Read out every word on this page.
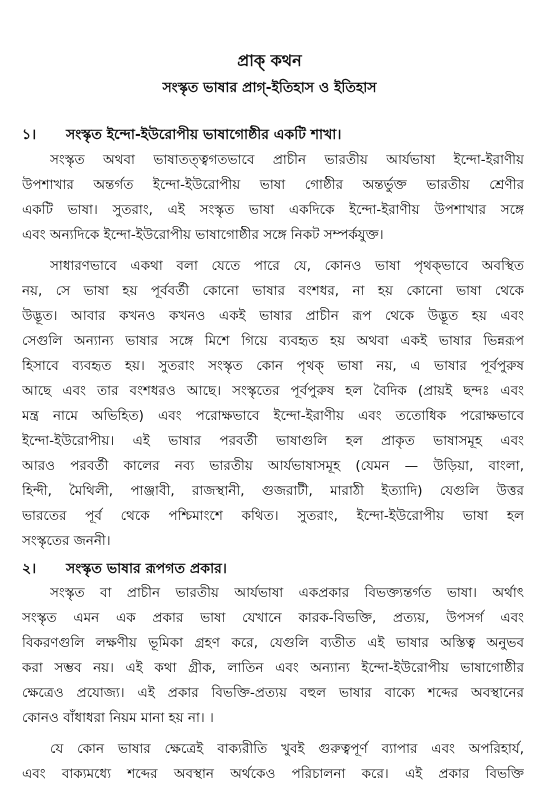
প্রাক্ কথন
সংস্কৃত ভাষার প্রাগ্‌-ইতিহাস ও ইতিহাস
১। সংস্কৃত ইন্দো-ইউরোপীয় ভাষাগোষ্ঠীর একটি শাখা।

সংস্কৃত অথবা ভাষাতত্ত্বগতভাবে প্রাচীন ভারতীয় আর্যভাষা ইন্দো-ইরাণীয়

উপশাখার অন্তর্গত ইন্দো-ইউরোপীয় ভাষা গোষ্ঠীর অন্তর্ভুক্ত ভারতীয় শ্রেণীর

একটি ভাষা। সুতরাং, এই সংস্কৃত ভাষা একদিকে ইন্দো-ইরাণীয় উপশাখার সঙ্গে

এবং অন্যদিকে ইন্দো-ইউরোপীয় ভাষাগোষ্ঠীর সঙ্গে নিকট সম্পর্কযুক্ত।

সাধারণভাবে একথা বলা যেতে পারে যে, কোনও ভাষা পৃথক্‌ভাবে অবস্থিত

নয়, সে ভাষা হয় পূর্ববর্তী কোনো ভাষার বংশধর, না হয় কোনো ভাষা থেকে

উদ্ভূত। আবার কখনও কখনও একই ভাষার প্রাচীন রূপ থেকে উদ্ভূত হয় এবং

সেগুলি অন্যান্য ভাষার সঙ্গে মিশে গিয়ে ব্যবহৃত হয় অথবা একই ভাষার ভিন্নরূপ

হিসাবে ব্যবহৃত হয়। সুতরাং সংস্কৃত কোন পৃথক্ ভাষা নয়, এ ভাষার পূর্বপুরুষ

আছে এবং তার বংশধরও আছে। সংস্কৃতের পূর্বপুরুষ হল বৈদিক (প্রায়ই ছন্দঃ এবং

মন্ত্র নামে অভিহিত) এবং পরোক্ষভাবে ইন্দো-ইরাণীয় এবং ততোধিক পরোক্ষভাবে

ইন্দো-ইউরোপীয়। এই ভাষার পরবর্তী ভাষাগুলি হল প্রাকৃত ভাষাসমূহ এবং

আরও পরবর্তী কালের নব্য ভারতীয় আর্যভাষাসমূহ (যেমন — উড়িয়া, বাংলা,

হিন্দী, মৈথিলী, পাঞ্জাবী, রাজস্থানী, গুজরাটী, মারাঠী ইত্যাদি) যেগুলি উত্তর

ভারতের পূর্ব থেকে পশ্চিমাংশে কথিত। সুতরাং, ইন্দো-ইউরোপীয় ভাষা হল

সংস্কৃতের জননী।

২। সংস্কৃত ভাষার রূপগত প্রকার।

সংস্কৃত বা প্রাচীন ভারতীয় আর্যভাষা একপ্রকার বিভক্ত্যন্তর্গত ভাষা। অর্থাৎ

সংস্কৃত এমন এক প্রকার ভাষা যেখানে কারক-বিভক্তি, প্রত্যয়, উপসর্গ এবং

বিকরণগুলি লক্ষণীয় ভূমিকা গ্রহণ করে, যেগুলি ব্যতীত এই ভাষার অস্তিত্ব অনুভব

করা সম্ভব নয়। এই কথা গ্রীক, লাতিন এবং অন্যান্য ইন্দো-ইউরোপীয় ভাষাগোষ্ঠীর

ক্ষেত্রেও প্রযোজ্য। এই প্রকার বিভক্তি-প্রত্যয় বহুল ভাষার বাক্যে শব্দের অবস্থানের

কোনও বাঁধাধরা নিয়ম মানা হয় না। ।

যে কোন ভাষার ক্ষেত্রেই বাক্যরীতি খুবই গুরুত্বপূর্ণ ব্যাপার এবং অপরিহার্য,

এবং বাক্যমধ্যে শব্দের অবস্থান অর্থকেও পরিচালনা করে। এই প্রকার বিভক্তি
